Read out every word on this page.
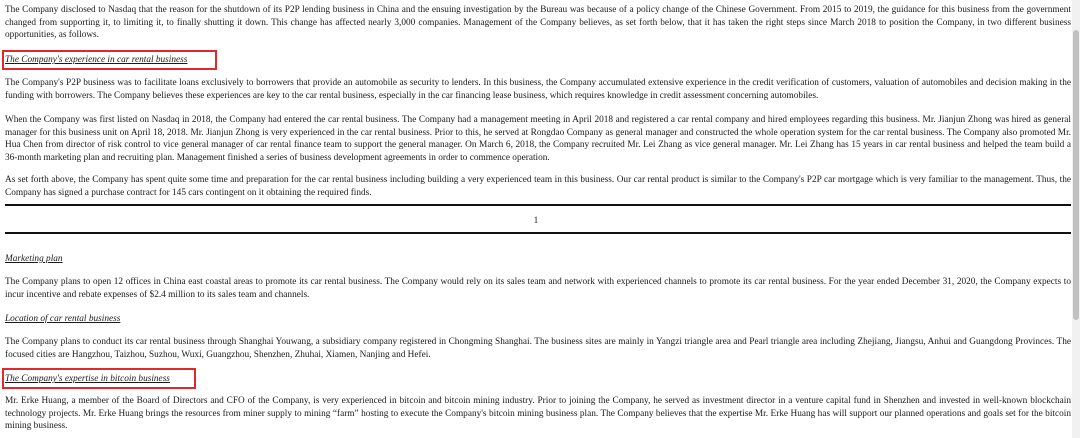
The Company disclosed to Nasdaq that the reason for the shutdown of its P2P lending business in China and the ensuing investigation by the Bureau was because of a policy change of the Chinese Government. From 2015 to 2019, the guidance for this business from the government changed from supporting it, to limiting it, to finally shutting it down. This change has affected nearly 3,000 companies. Management of the Company believes, as set forth below, that it has taken the right steps since March 2018 to position the Company, in two different business opportunities, as follows.

The Company's experience in car rental business

The Company's P2P business was to facilitate loans exclusively to borrowers that provide an automobile as security to lenders. In this business, the Company accumulated extensive experience in the credit verification of customers, valuation of automobiles and decision making in the funding with borrowers. The Company believes these experiences are key to the car rental business, especially in the car financing lease business, which requires knowledge in credit assessment concerning automobiles.

When the Company was first listed on Nasdaq in 2018, the Company had entered the car rental business. The Company had a management meeting in April 2018 and registered a car rental company and hired employees regarding this business. Mr. Jianjun Zhong was hired as general manager for this business unit on April 18, 2018. Mr. Jianjun Zhong is very experienced in the car rental business. Prior to this, he served at Rongdao Company as general manager and constructed the whole operation system for the car rental business. The Company also promoted Mr. Hua Chen from director of risk control to vice general manager of car rental finance team to support the general manager. On March 6, 2018, the Company recruited Mr. Lei Zhang as vice general manager. Mr. Lei Zhang has 15 years in car rental business and helped the team build a 36-month marketing plan and recruiting plan. Management finished a series of business development agreements in order to commence operation.

As set forth above, the Company has spent quite some time and preparation for the car rental business including building a very experienced team in this business. Our car rental product is similar to the Company's P2P car mortgage which is very familiar to the management. Thus, the Company has signed a purchase contract for 145 cars contingent on it obtaining the required finds.

1

Marketing plan

The Company plans to open 12 offices in China east coastal areas to promote its car rental business. The Company would rely on its sales team and network with experienced channels to promote its car rental business. For the year ended December 31, 2020, the Company expects to incur incentive and rebate expenses of $2.4 million to its sales team and channels.

Location of car rental business

The Company plans to conduct its car rental business through Shanghai Youwang, a subsidiary company registered in Chongming Shanghai. The business sites are mainly in Yangzi triangle area and Pearl triangle area including Zhejiang, Jiangsu, Anhui and Guangdong Provinces. The focused cities are Hangzhou, Taizhou, Suzhou, Wuxi, Guangzhou, Shenzhen, Zhuhai, Xiamen, Nanjing and Hefei.

The Company's expertise in bitcoin business

Mr. Erke Huang, a member of the Board of Directors and CFO of the Company, is very experienced in bitcoin and bitcoin mining industry. Prior to joining the Company, he served as investment director in a venture capital fund in Shenzhen and invested in well-known blockchain technology projects. Mr. Erke Huang brings the resources from miner supply to mining “farm” hosting to execute the Company's bitcoin mining business plan. The Company believes that the expertise Mr. Erke Huang has will support our planned operations and goals set for the bitcoin mining business.
